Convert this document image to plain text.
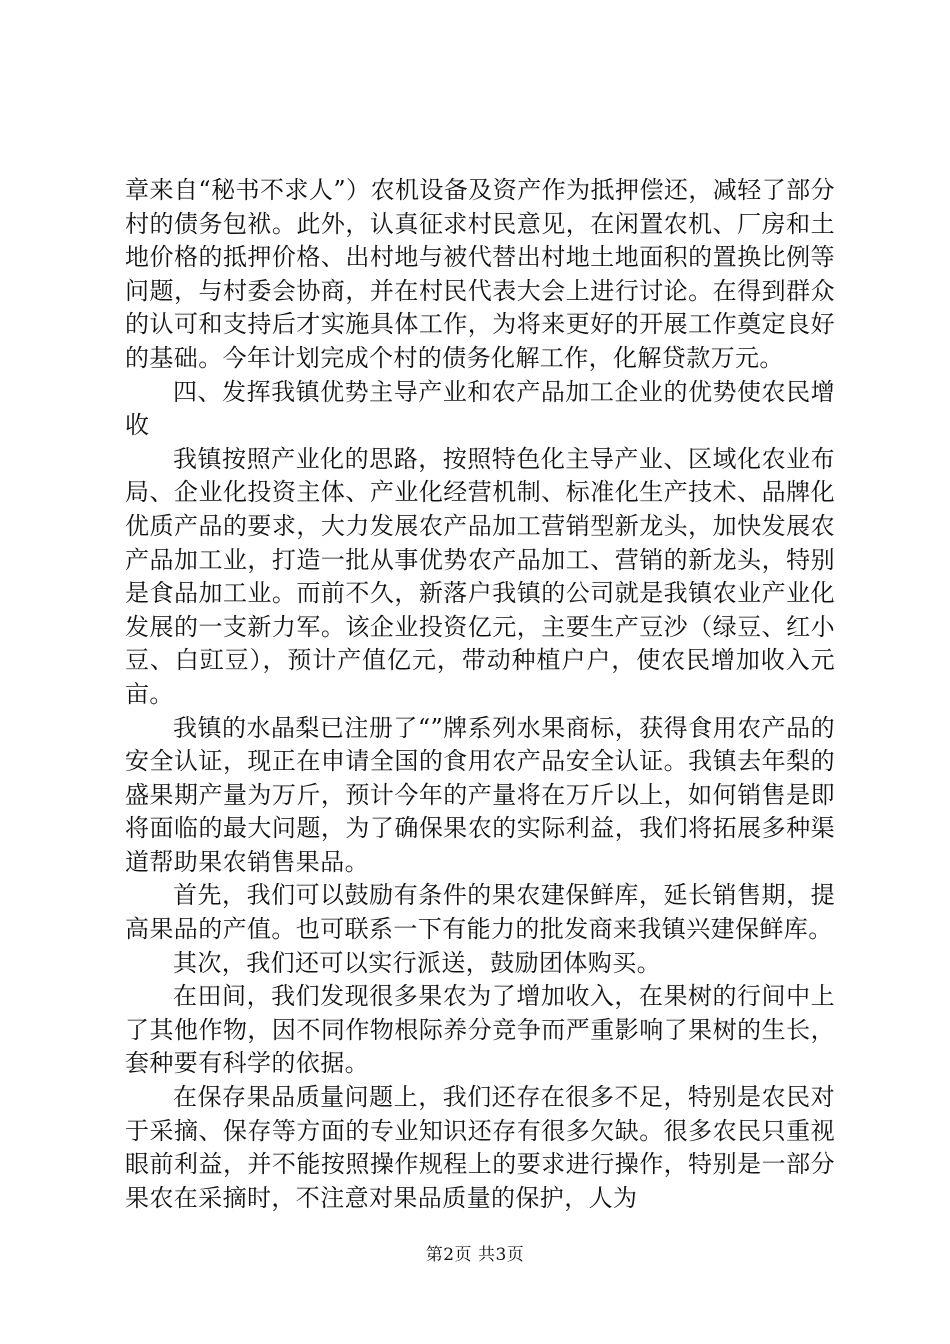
章来自“秘书不求人”）农机设备及资产作为抵押偿还，减轻了部分村的债务包袱。此外，认真征求村民意见，在闲置农机、厂房和土地价格的抵押价格、出村地与被代替出村地土地面积的置换比例等问题，与村委会协商，并在村民代表大会上进行讨论。在得到群众的认可和支持后才实施具体工作，为将来更好的开展工作奠定良好的基础。今年计划完成个村的债务化解工作，化解贷款万元。

四、发挥我镇优势主导产业和农产品加工企业的优势使农民增收

我镇按照产业化的思路，按照特色化主导产业、区域化农业布局、企业化投资主体、产业化经营机制、标准化生产技术、品牌化优质产品的要求，大力发展农产品加工营销型新龙头，加快发展农产品加工业，打造一批从事优势农产品加工、营销的新龙头，特别是食品加工业。而前不久，新落户我镇的公司就是我镇农业产业化发展的一支新力军。该企业投资亿元，主要生产豆沙（绿豆、红小豆、白豇豆），预计产值亿元，带动种植户户，使农民增加收入元亩。

我镇的水晶梨已注册了“”牌系列水果商标，获得食用农产品的安全认证，现正在申请全国的食用农产品安全认证。我镇去年梨的盛果期产量为万斤，预计今年的产量将在万斤以上，如何销售是即将面临的最大问题，为了确保果农的实际利益，我们将拓展多种渠道帮助果农销售果品。

首先，我们可以鼓励有条件的果农建保鲜库，延长销售期，提高果品的产值。也可联系一下有能力的批发商来我镇兴建保鲜库。

其次，我们还可以实行派送，鼓励团体购买。

在田间，我们发现很多果农为了增加收入，在果树的行间中上了其他作物，因不同作物根际养分竞争而严重影响了果树的生长，套种要有科学的依据。

在保存果品质量问题上，我们还存在很多不足，特别是农民对于采摘、保存等方面的专业知识还存有很多欠缺。很多农民只重视眼前利益，并不能按照操作规程上的要求进行操作，特别是一部分果农在采摘时，不注意对果品质量的保护，人为

第2页 共3页
